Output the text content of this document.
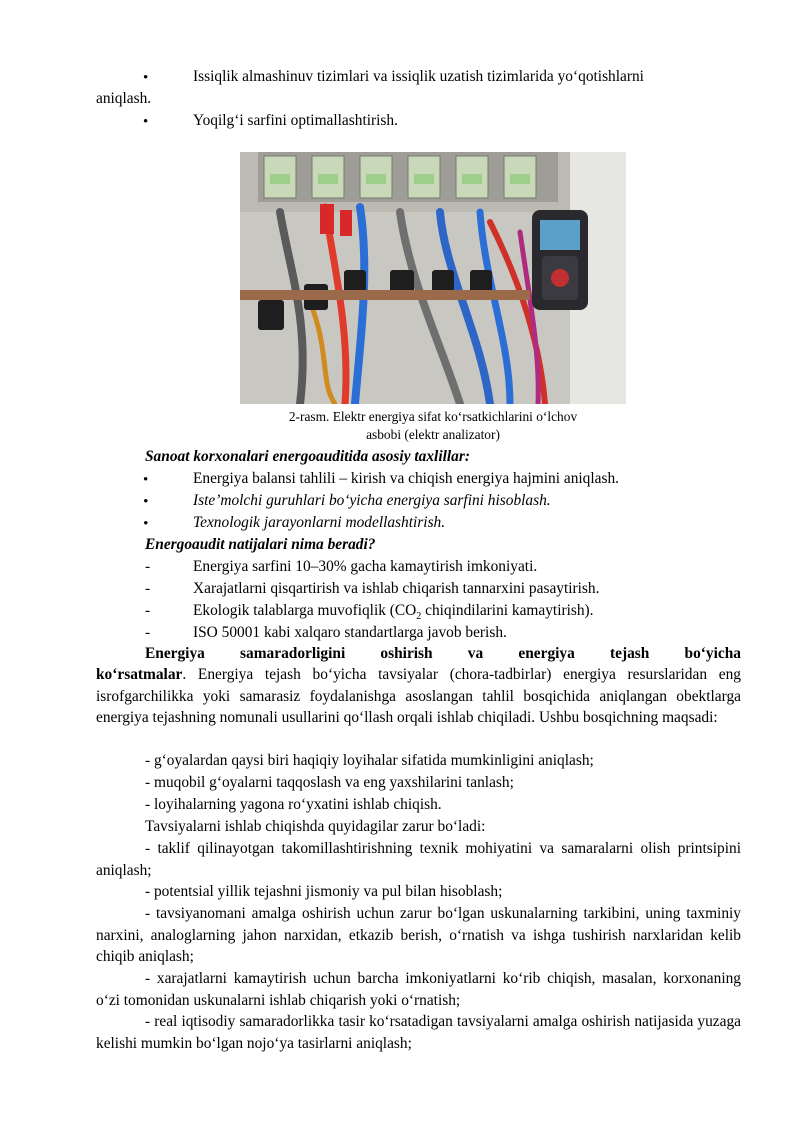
•	Issiqlik almashinuv tizimlari va issiqlik uzatish tizimlarida yoʻqotishlarni
aniqlash.
•	Yoqilgʻi sarfini optimallashtirish.
2-rasm. Elektr energiya sifat koʻrsatkichlarini oʻlchov
asbobi (elektr analizator)
Sanoat korxonalari energoauditida asosiy taxlillar:
•	Energiya balansi tahlili – kirish va chiqish energiya hajmini aniqlash.
•	Iste’molchi guruhlari boʻyicha energiya sarfini hisoblash.
•	Texnologik jarayonlarni modellashtirish.
Energoaudit natijalari nima beradi?
-	Energiya sarfini 10–30% gacha kamaytirish imkoniyati.
-	Xarajatlarni qisqartirish va ishlab chiqarish tannarxini pasaytirish.
-	Ekologik talablarga muvofiqlik ($CO_2$ chiqindilarini kamaytirish).
-	ISO 50001 kabi xalqaro standartlarga javob berish.
Energiya samaradorligini oshirish va energiya tejash boʻyicha
koʻrsatmalar. Energiya tejash boʻyicha tavsiyalar (chora-tadbirlar) energiya resurslaridan eng isrofgarchilikka yoki samarasiz foydalanishga asoslangan tahlil bosqichida aniqlangan obektlarga energiya tejashning nomunali usullarini qoʻllash orqali ishlab chiqiladi. Ushbu bosqichning maqsadi:
- gʻoyalardan qaysi biri haqiqiy loyihalar sifatida mumkinligini aniqlash;
- muqobil gʻoyalarni taqqoslash va eng yaxshilarini tanlash;
- loyihalarning yagona roʻyxatini ishlab chiqish.
Tavsiyalarni ishlab chiqishda quyidagilar zarur boʻladi:
- taklif qilinayotgan takomillashtirishning texnik mohiyatini va samaralarni olish printsipini aniqlash;
- potentsial yillik tejashni jismoniy va pul bilan hisoblash;
- tavsiyanomani amalga oshirish uchun zarur boʻlgan uskunalarning tarkibini, uning taxminiy narxini, analoglarning jahon narxidan, etkazib berish, oʻrnatish va ishga tushirish narxlaridan kelib chiqib aniqlash;
- xarajatlarni kamaytirish uchun barcha imkoniyatlarni koʻrib chiqish, masalan, korxonaning oʻzi tomonidan uskunalarni ishlab chiqarish yoki oʻrnatish;
- real iqtisodiy samaradorlikka tasir koʻrsatadigan tavsiyalarni amalga oshirish natijasida yuzaga kelishi mumkin boʻlgan nojoʻya tasirlarni aniqlash;
